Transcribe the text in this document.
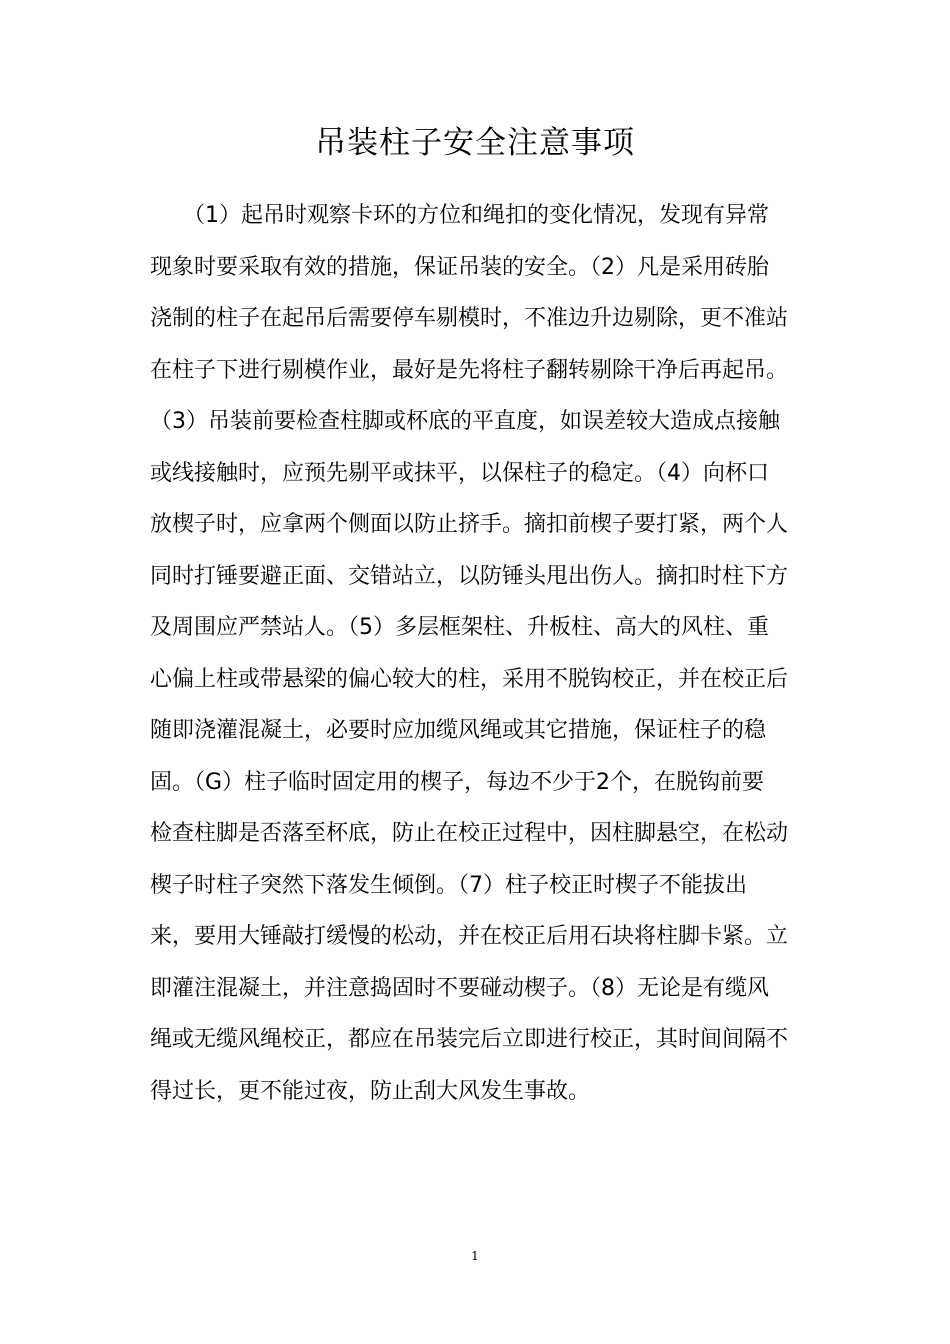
吊装柱子安全注意事项
　　（1）起吊时观察卡环的方位和绳扣的变化情况，发现有异常
现象时要采取有效的措施，保证吊装的安全。（2）凡是采用砖胎
浇制的柱子在起吊后需要停车剔模时，不准边升边剔除，更不准站
在柱子下进行剔模作业，最好是先将柱子翻转剔除干净后再起吊。
（3）吊装前要检查柱脚或杯底的平直度，如误差较大造成点接触
或线接触时，应预先剔平或抹平，以保柱子的稳定。（4）向杯口
放楔子时，应拿两个侧面以防止挤手。摘扣前楔子要打紧，两个人
同时打锤要避正面、交错站立，以防锤头甩出伤人。摘扣时柱下方
及周围应严禁站人。（5）多层框架柱、升板柱、高大的风柱、重
心偏上柱或带悬梁的偏心较大的柱，采用不脱钩校正，并在校正后
随即浇灌混凝土，必要时应加缆风绳或其它措施，保证柱子的稳
固。（G）柱子临时固定用的楔子，每边不少于2个，在脱钩前要
检查柱脚是否落至杯底，防止在校正过程中，因柱脚悬空，在松动
楔子时柱子突然下落发生倾倒。（7）柱子校正时楔子不能拔出
来，要用大锤敲打缓慢的松动，并在校正后用石块将柱脚卡紧。立
即灌注混凝土，并注意捣固时不要碰动楔子。（8）无论是有缆风
绳或无缆风绳校正，都应在吊装完后立即进行校正，其时间间隔不
得过长，更不能过夜，防止刮大风发生事故。
1
